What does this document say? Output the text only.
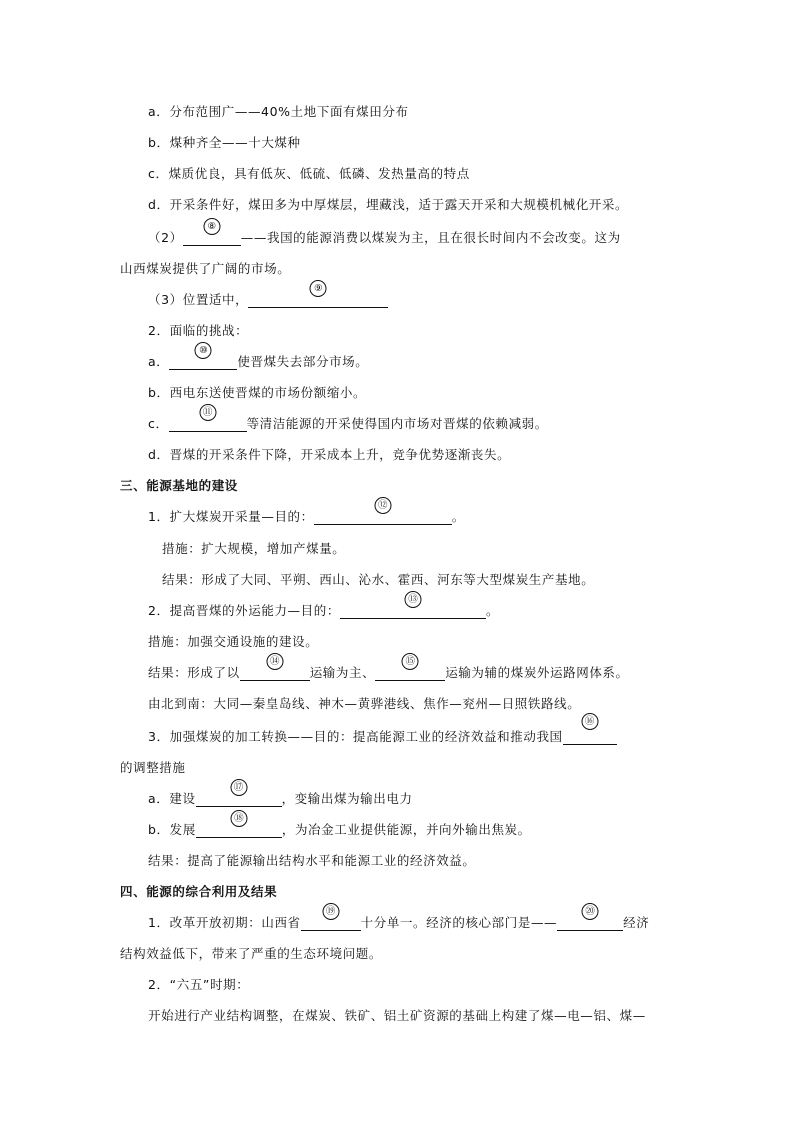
a．分布范围广——40%土地下面有煤田分布
b．煤种齐全——十大煤种
c．煤质优良，具有低灰、低硫、低磷、发热量高的特点
d．开采条件好，煤田多为中厚煤层，埋藏浅，适于露天开采和大规模机械化开采。
（2）
⑧
——我国的能源消费以煤炭为主，且在很长时间内不会改变。这为
山西煤炭提供了广阔的市场。
（3）位置适中，
⑨
2．面临的挑战：
a．
⑩
使晋煤失去部分市场。
b．西电东送使晋煤的市场份额缩小。
c．
⑪
等清洁能源的开采使得国内市场对晋煤的依赖减弱。
d．晋煤的开采条件下降，开采成本上升，竞争优势逐渐丧失。
三、能源基地的建设
1．扩大煤炭开采量—目的：
⑫
。
措施：扩大规模，增加产煤量。
结果：形成了大同、平朔、西山、沁水、霍西、河东等大型煤炭生产基地。
2．提高晋煤的外运能力—目的：
⑬
。
措施：加强交通设施的建设。
结果：形成了以
⑭
运输为主、
⑮
运输为辅的煤炭外运路网体系。
由北到南：大同—秦皇岛线、神木—黄骅港线、焦作—兖州—日照铁路线。
3．加强煤炭的加工转换——目的：提高能源工业的经济效益和推动我国
⑯
的调整措施
a．建设
⑰
，变输出煤为输出电力
b．发展
⑱
，为冶金工业提供能源，并向外输出焦炭。
结果：提高了能源输出结构水平和能源工业的经济效益。
四、能源的综合利用及结果
1．改革开放初期：山西省
⑲
十分单一。经济的核心部门是——
⑳
经济
结构效益低下，带来了严重的生态环境问题。
2．“六五”时期：
开始进行产业结构调整，在煤炭、铁矿、铝土矿资源的基础上构建了煤—电—铝、煤—
